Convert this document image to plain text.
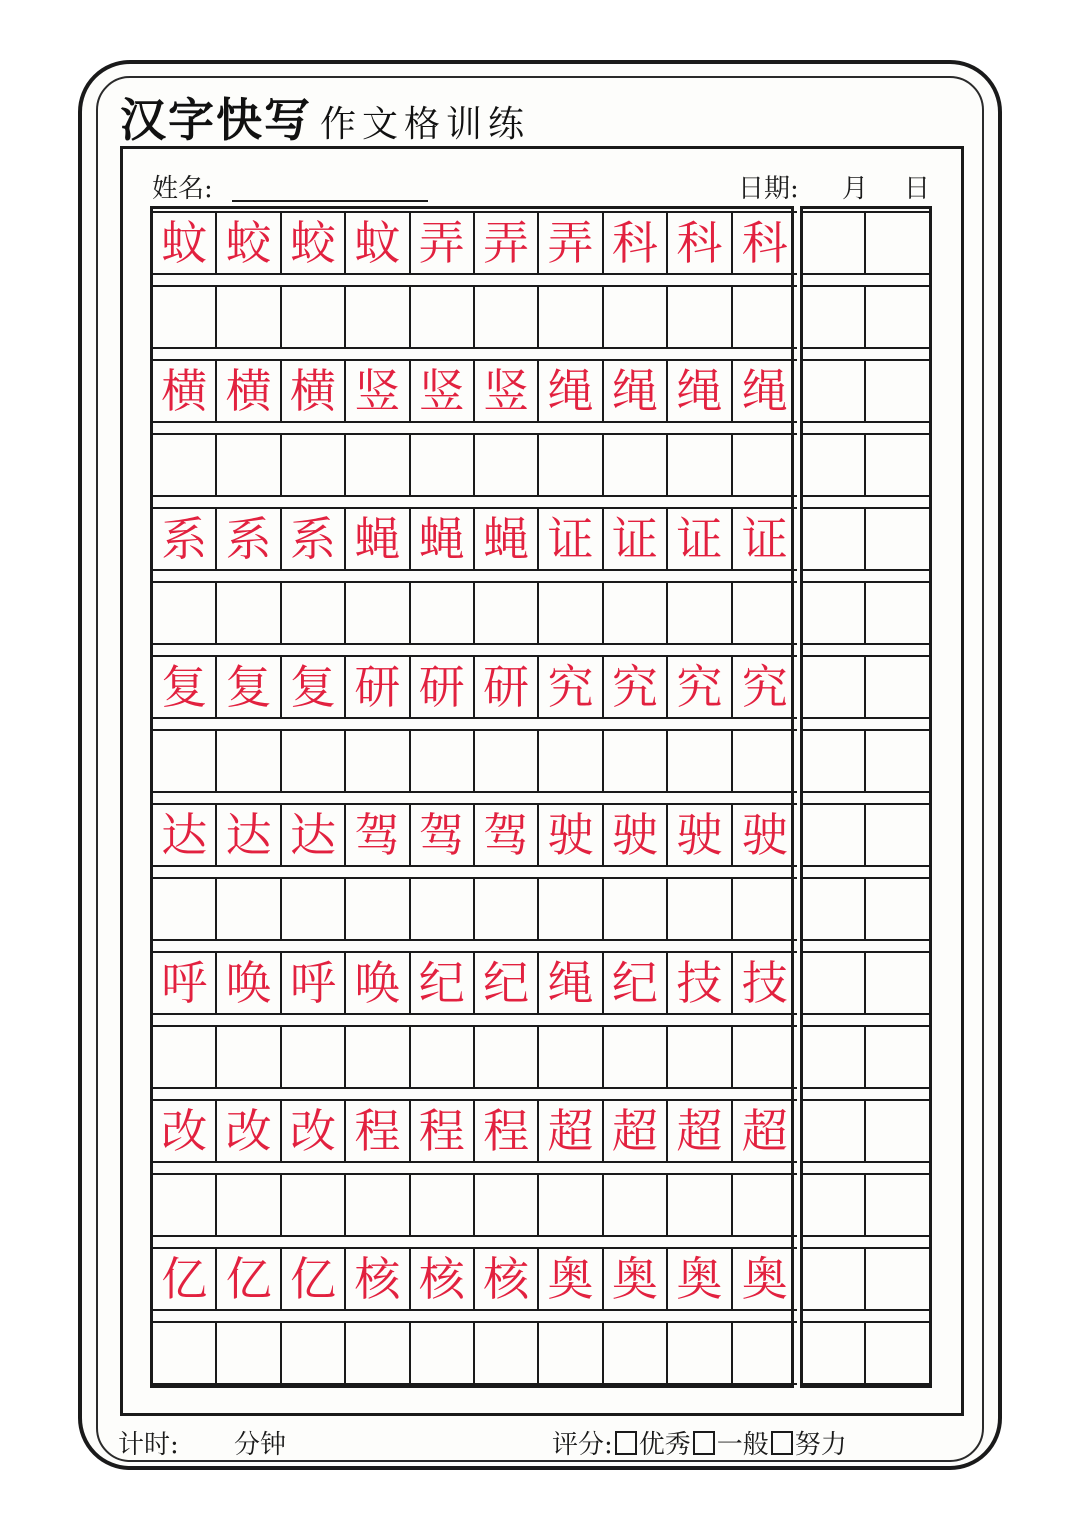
汉字快写 作文格训练
姓名:	日期: 月 日
蚊 蛟 蛟 蚊 弄 弄 弄 科 科 科
横 横 横 竖 竖 竖 绳 绳 绳 绳
系 系 系 蝇 蝇 蝇 证 证 证 证
复 复 复 研 研 研 究 究 究 究
达 达 达 驾 驾 驾 驶 驶 驶 驶
呼 唤 呼 唤 纪 纪 绳 纪 技 技
改 改 改 程 程 程 超 超 超 超
亿 亿 亿 核 核 核 奥 奥 奥 奥
计时: 分钟	评分: 优秀 一般 努力
